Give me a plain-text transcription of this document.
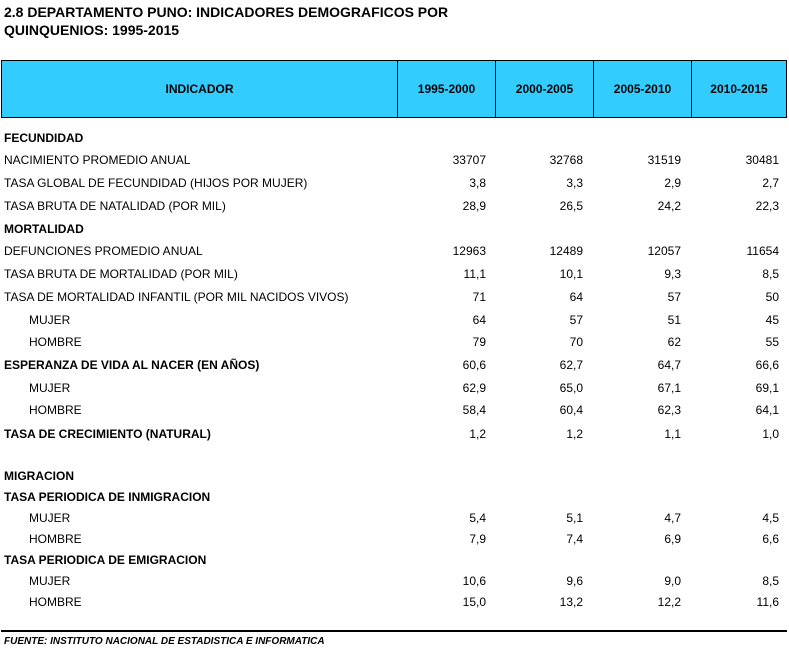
2.8 DEPARTAMENTO PUNO: INDICADORES DEMOGRAFICOS POR
QUINQUENIOS: 1995-2015
INDICADOR	1995-2000	2000-2005	2005-2010	2010-2015
FECUNDIDAD
NACIMIENTO PROMEDIO ANUAL	33707	32768	31519	30481
TASA GLOBAL DE FECUNDIDAD (HIJOS POR MUJER)	3,8	3,3	2,9	2,7
TASA BRUTA DE NATALIDAD (POR MIL)	28,9	26,5	24,2	22,3
MORTALIDAD
DEFUNCIONES PROMEDIO ANUAL	12963	12489	12057	11654
TASA BRUTA DE MORTALIDAD (POR MIL)	11,1	10,1	9,3	8,5
TASA DE MORTALIDAD INFANTIL (POR MIL NACIDOS VIVOS)	71	64	57	50
MUJER	64	57	51	45
HOMBRE	79	70	62	55
ESPERANZA DE VIDA AL NACER (EN AÑOS)	60,6	62,7	64,7	66,6
MUJER	62,9	65,0	67,1	69,1
HOMBRE	58,4	60,4	62,3	64,1
TASA DE CRECIMIENTO (NATURAL)	1,2	1,2	1,1	1,0
MIGRACION
TASA PERIODICA DE INMIGRACION
MUJER	5,4	5,1	4,7	4,5
HOMBRE	7,9	7,4	6,9	6,6
TASA PERIODICA DE EMIGRACION
MUJER	10,6	9,6	9,0	8,5
HOMBRE	15,0	13,2	12,2	11,6
FUENTE: INSTITUTO NACIONAL DE ESTADISTICA E INFORMATICA
